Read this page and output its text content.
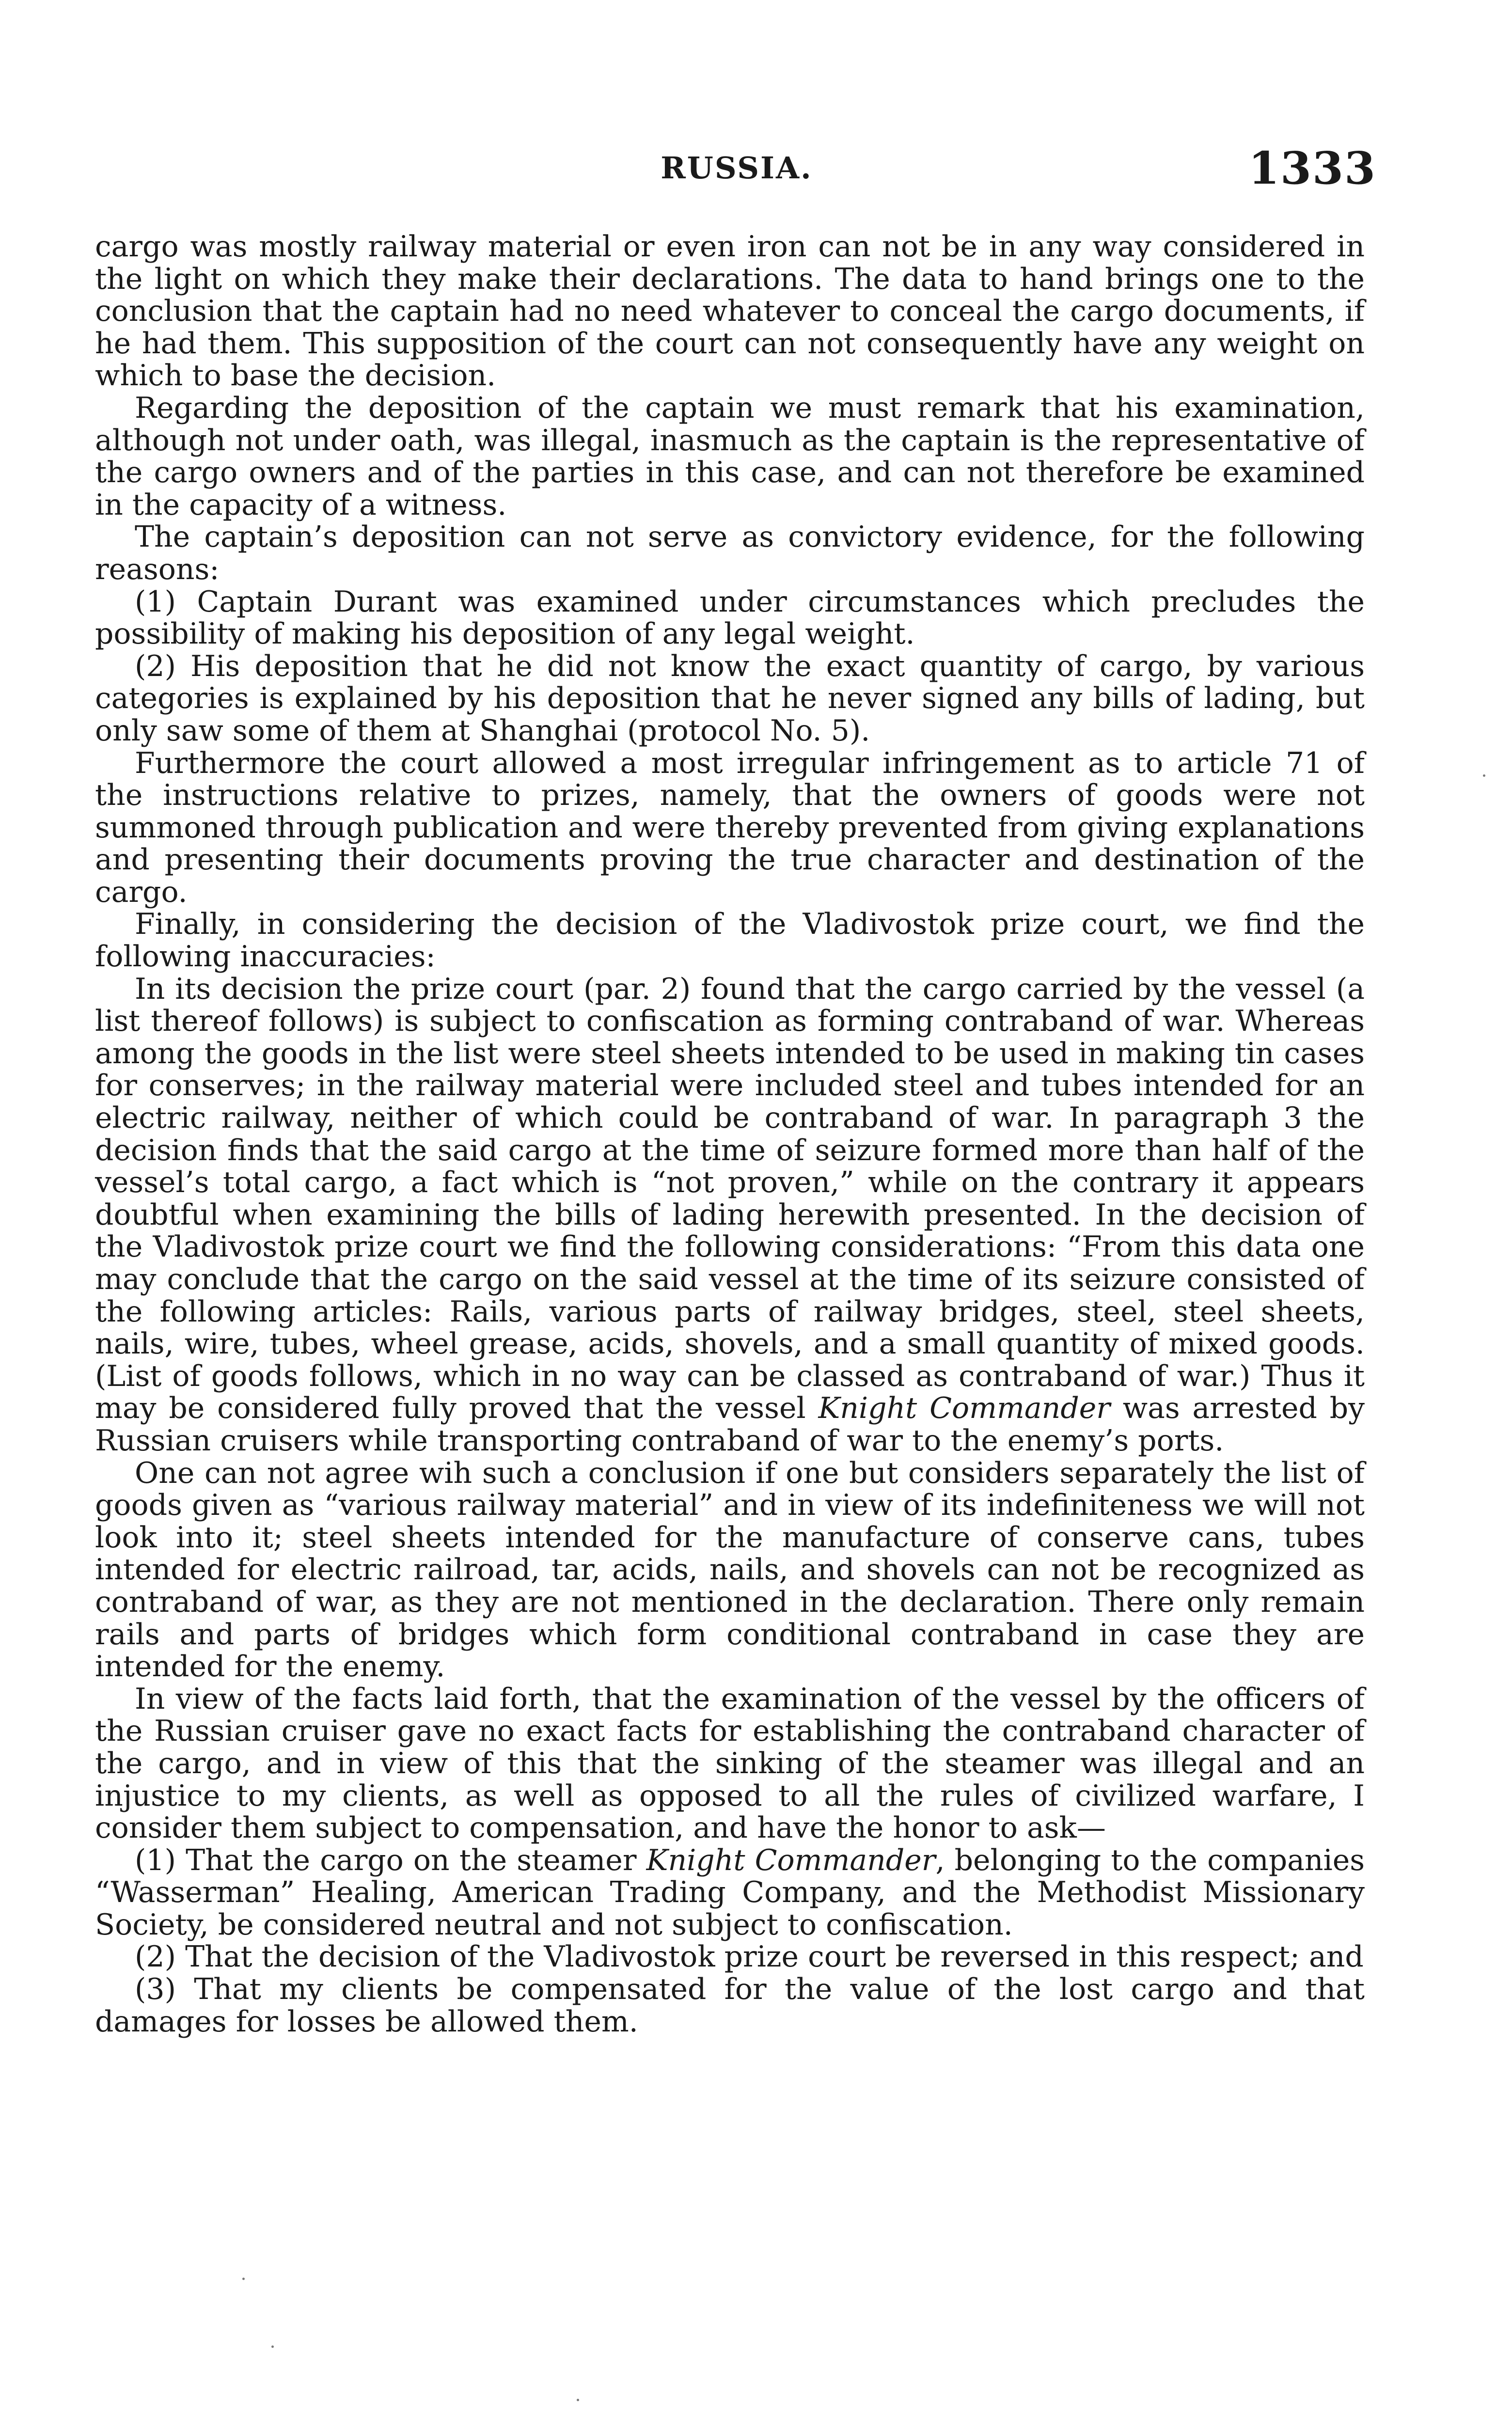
RUSSIA.	1333

cargo was mostly railway material or even iron can not be in any way considered in the light on which they make their declarations. The data to hand brings one to the conclusion that the captain had no need whatever to conceal the cargo documents, if he had them. This supposition of the court can not consequently have any weight on which to base the decision.

Regarding the deposition of the captain we must remark that his examination, although not under oath, was illegal, inasmuch as the captain is the representative of the cargo owners and of the parties in this case, and can not therefore be examined in the capacity of a witness.

The captain’s deposition can not serve as convictory evidence, for the following reasons:

(1) Captain Durant was examined under circumstances which precludes the possibility of making his deposition of any legal weight.

(2) His deposition that he did not know the exact quantity of cargo, by various categories is explained by his deposition that he never signed any bills of lading, but only saw some of them at Shanghai (protocol No. 5).

Furthermore the court allowed a most irregular infringement as to article 71 of the instructions relative to prizes, namely, that the owners of goods were not summoned through publication and were thereby prevented from giving explanations and presenting their documents proving the true character and destination of the cargo.

Finally, in considering the decision of the Vladivostok prize court, we find the following inaccuracies:

In its decision the prize court (par. 2) found that the cargo carried by the vessel (a list thereof follows) is subject to confiscation as forming contraband of war. Whereas among the goods in the list were steel sheets intended to be used in making tin cases for conserves; in the railway material were included steel and tubes intended for an electric railway, neither of which could be contraband of war. In paragraph 3 the decision finds that the said cargo at the time of seizure formed more than half of the vessel’s total cargo, a fact which is “not proven,” while on the contrary it appears doubtful when examining the bills of lading herewith presented. In the decision of the Vladivostok prize court we find the following considerations: “From this data one may conclude that the cargo on the said vessel at the time of its seizure consisted of the following articles: Rails, various parts of railway bridges, steel, steel sheets, nails, wire, tubes, wheel grease, acids, shovels, and a small quantity of mixed goods. (List of goods follows, which in no way can be classed as contraband of war.) Thus it may be considered fully proved that the vessel Knight Commander was arrested by Russian cruisers while transporting contraband of war to the enemy’s ports.

One can not agree wih such a conclusion if one but considers separately the list of goods given as “various railway material” and in view of its indefiniteness we will not look into it; steel sheets intended for the manufacture of conserve cans, tubes intended for electric railroad, tar, acids, nails, and shovels can not be recognized as contraband of war, as they are not mentioned in the declaration. There only remain rails and parts of bridges which form conditional contraband in case they are intended for the enemy.

In view of the facts laid forth, that the examination of the vessel by the officers of the Russian cruiser gave no exact facts for establishing the contraband character of the cargo, and in view of this that the sinking of the steamer was illegal and an injustice to my clients, as well as opposed to all the rules of civilized warfare, I consider them subject to compensation, and have the honor to ask—

(1) That the cargo on the steamer Knight Commander, belonging to the companies “Wasserman” Healing, American Trading Company, and the Methodist Missionary Society, be considered neutral and not subject to confiscation.

(2) That the decision of the Vladivostok prize court be reversed in this respect; and

(3) That my clients be compensated for the value of the lost cargo and that damages for losses be allowed them.
